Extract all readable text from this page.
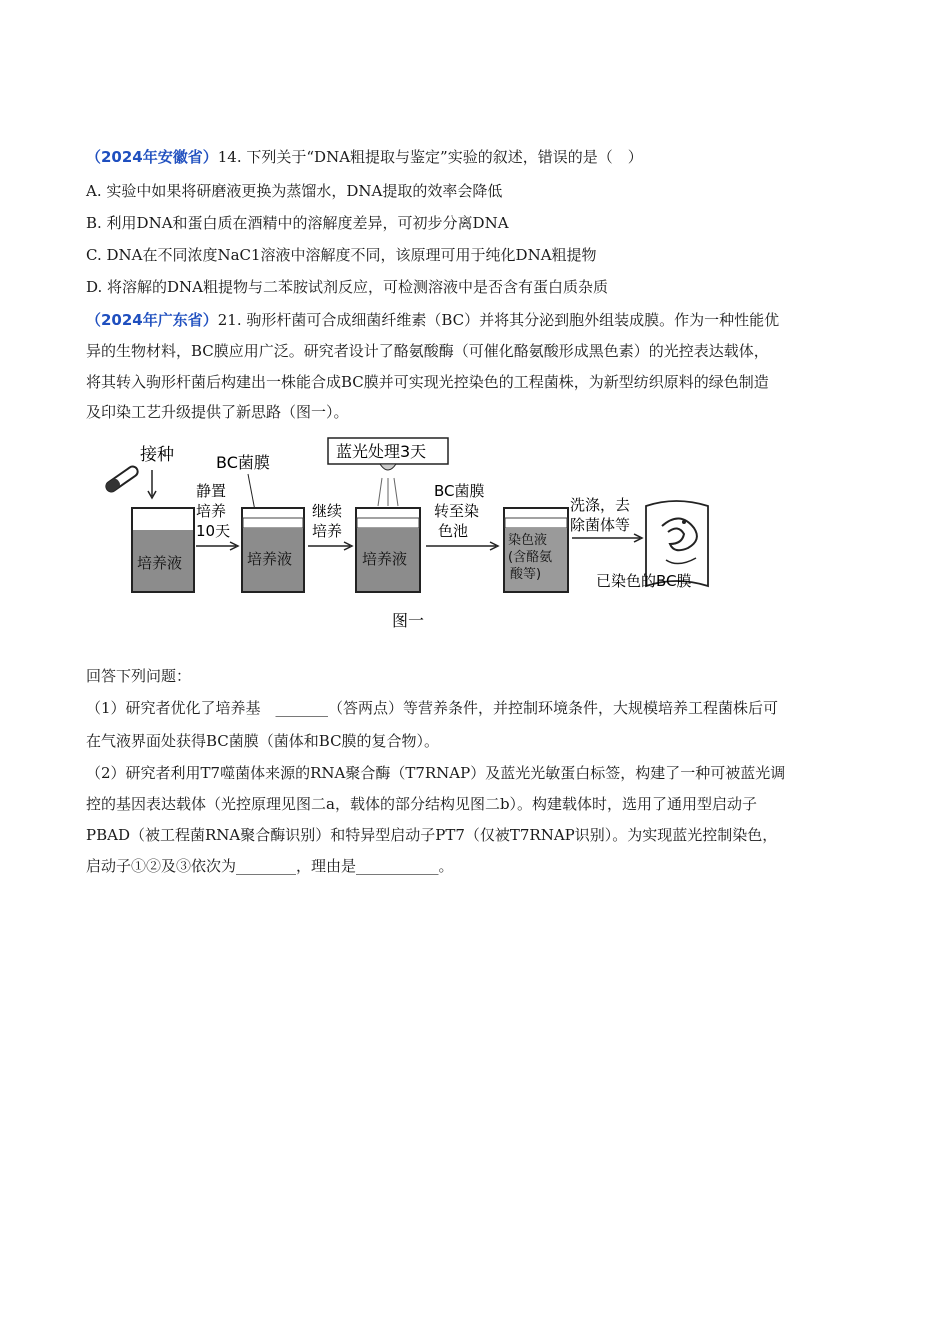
（2024年安徽省）14. 下列关于“DNA粗提取与鉴定”实验的叙述，错误的是（　）
A. 实验中如果将研磨液更换为蒸馏水，DNA提取的效率会降低
B. 利用DNA和蛋白质在酒精中的溶解度差异，可初步分离DNA
C. DNA在不同浓度NaC1溶液中溶解度不同，该原理可用于纯化DNA粗提物
D. 将溶解的DNA粗提物与二苯胺试剂反应，可检测溶液中是否含有蛋白质杂质
（2024年广东省）21. 驹形杆菌可合成细菌纤维素（BC）并将其分泌到胞外组装成膜。作为一种性能优
异的生物材料，BC膜应用广泛。研究者设计了酪氨酸酶（可催化酪氨酸形成黑色素）的光控表达载体，
将其转入驹形杆菌后构建出一株能合成BC膜并可实现光控染色的工程菌株，为新型纺织原料的绿色制造
及印染工艺升级提供了新思路（图一）。
接种
培养液
静置
培养
10天
BC菌膜
培养液
继续
培养
蓝光处理3天
培养液
BC菌膜
转至染
色池
染色液
(含酪氨
酸等)
洗涤，去
除菌体等
已染色的BC膜
图一
回答下列问题：
（1）研究者优化了培养基　_______（答两点）等营养条件，并控制环境条件，大规模培养工程菌株后可
在气液界面处获得BC菌膜（菌体和BC膜的复合物）。
（2）研究者利用T7噬菌体来源的RNA聚合酶（T7RNAP）及蓝光光敏蛋白标签，构建了一种可被蓝光调
控的基因表达载体（光控原理见图二a，载体的部分结构见图二b）。构建载体时，选用了通用型启动子
PBAD（被工程菌RNA聚合酶识别）和特异型启动子PT7（仅被T7RNAP识别）。为实现蓝光控制染色，
启动子①②及③依次为________，理由是___________。
